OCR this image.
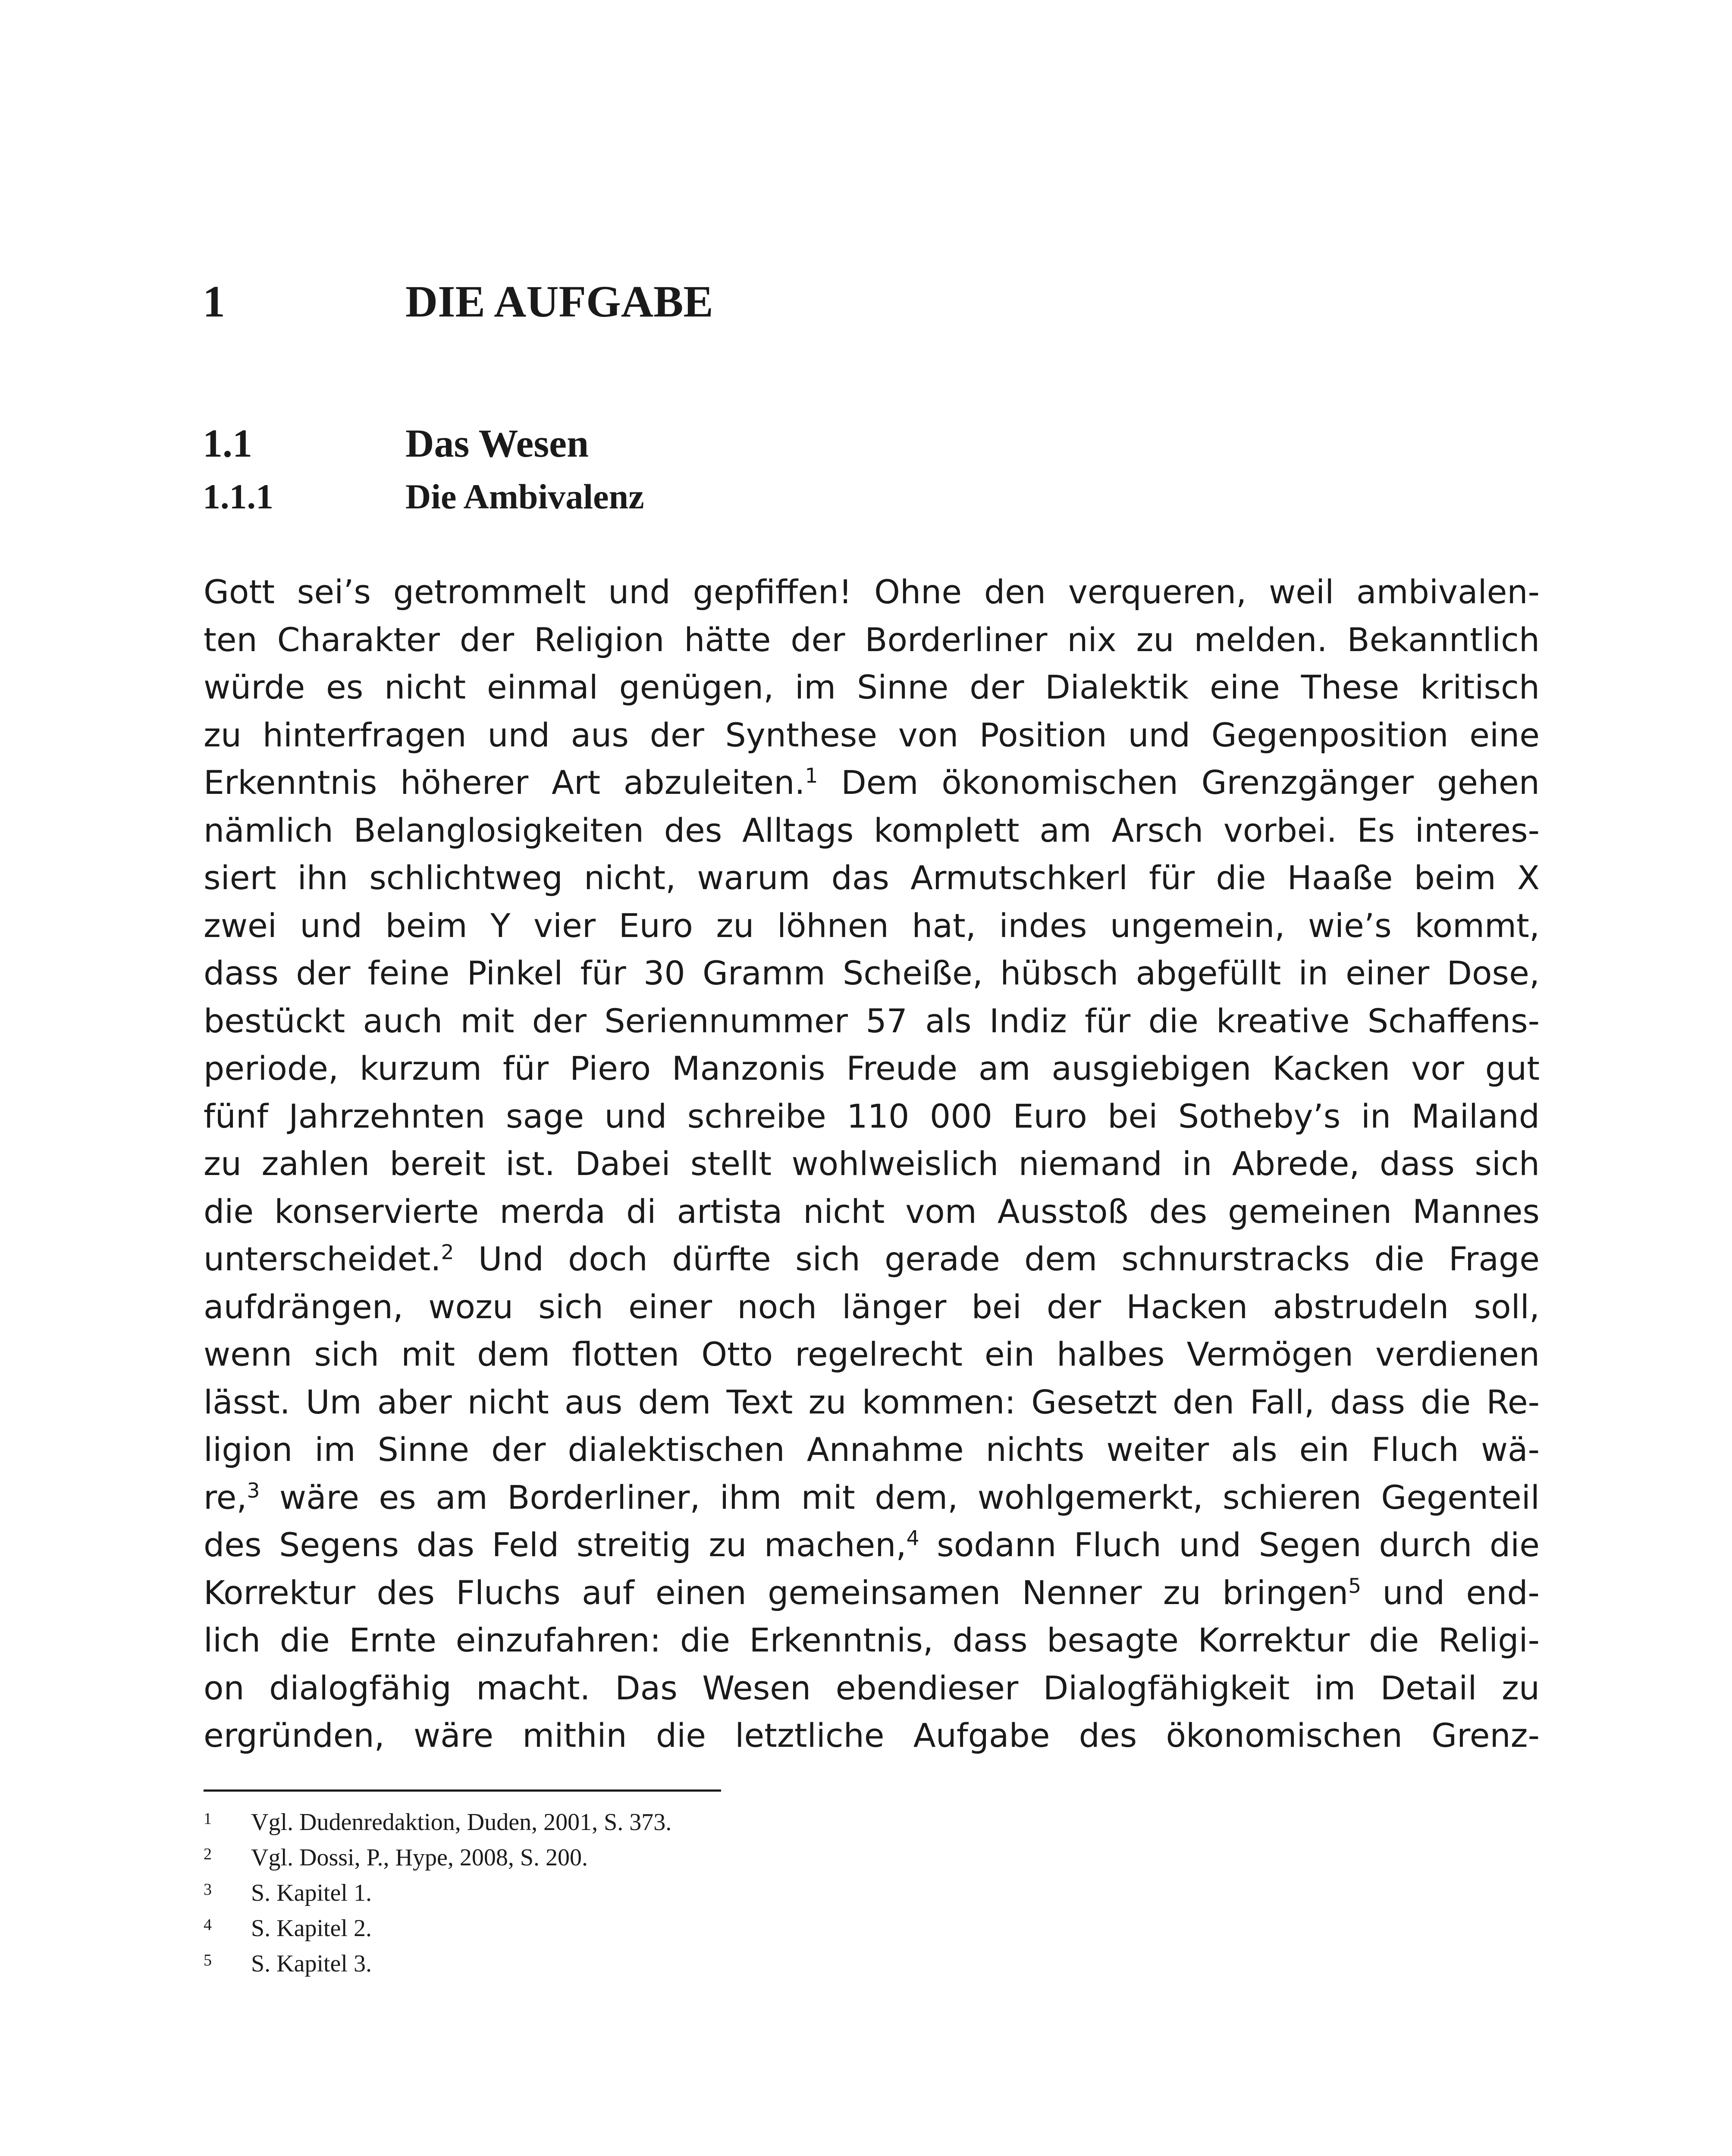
1	DIE AUFGABE
1.1	Das Wesen
1.1.1	Die Ambivalenz
Gott sei’s getrommelt und gepfiffen! Ohne den verqueren, weil ambivalen-
ten Charakter der Religion hätte der Borderliner nix zu melden. Bekanntlich
würde es nicht einmal genügen, im Sinne der Dialektik eine These kritisch
zu hinterfragen und aus der Synthese von Position und Gegenposition eine
Erkenntnis höherer Art abzuleiten.$^1$ Dem ökonomischen Grenzgänger gehen
nämlich Belanglosigkeiten des Alltags komplett am Arsch vorbei. Es interes-
siert ihn schlichtweg nicht, warum das Armutschkerl für die Haaße beim X
zwei und beim Y vier Euro zu löhnen hat, indes ungemein, wie’s kommt,
dass der feine Pinkel für 30 Gramm Scheiße, hübsch abgefüllt in einer Dose,
bestückt auch mit der Seriennummer 57 als Indiz für die kreative Schaffens-
periode, kurzum für Piero Manzonis Freude am ausgiebigen Kacken vor gut
fünf Jahrzehnten sage und schreibe 110 000 Euro bei Sotheby’s in Mailand
zu zahlen bereit ist. Dabei stellt wohlweislich niemand in Abrede, dass sich
die konservierte merda di artista nicht vom Ausstoß des gemeinen Mannes
unterscheidet.$^2$ Und doch dürfte sich gerade dem schnurstracks die Frage
aufdrängen, wozu sich einer noch länger bei der Hacken abstrudeln soll,
wenn sich mit dem flotten Otto regelrecht ein halbes Vermögen verdienen
lässt. Um aber nicht aus dem Text zu kommen: Gesetzt den Fall, dass die Re-
ligion im Sinne der dialektischen Annahme nichts weiter als ein Fluch wä-
re,$^3$ wäre es am Borderliner, ihm mit dem, wohlgemerkt, schieren Gegenteil
des Segens das Feld streitig zu machen,$^4$ sodann Fluch und Segen durch die
Korrektur des Fluchs auf einen gemeinsamen Nenner zu bringen$^5$ und end-
lich die Ernte einzufahren: die Erkenntnis, dass besagte Korrektur die Religi-
on dialogfähig macht. Das Wesen ebendieser Dialogfähigkeit im Detail zu
ergründen, wäre mithin die letztliche Aufgabe des ökonomischen Grenz-
1 Vgl. Dudenredaktion, Duden, 2001, S. 373.
2 Vgl. Dossi, P., Hype, 2008, S. 200.
3 S. Kapitel 1.
4 S. Kapitel 2.
5 S. Kapitel 3.
